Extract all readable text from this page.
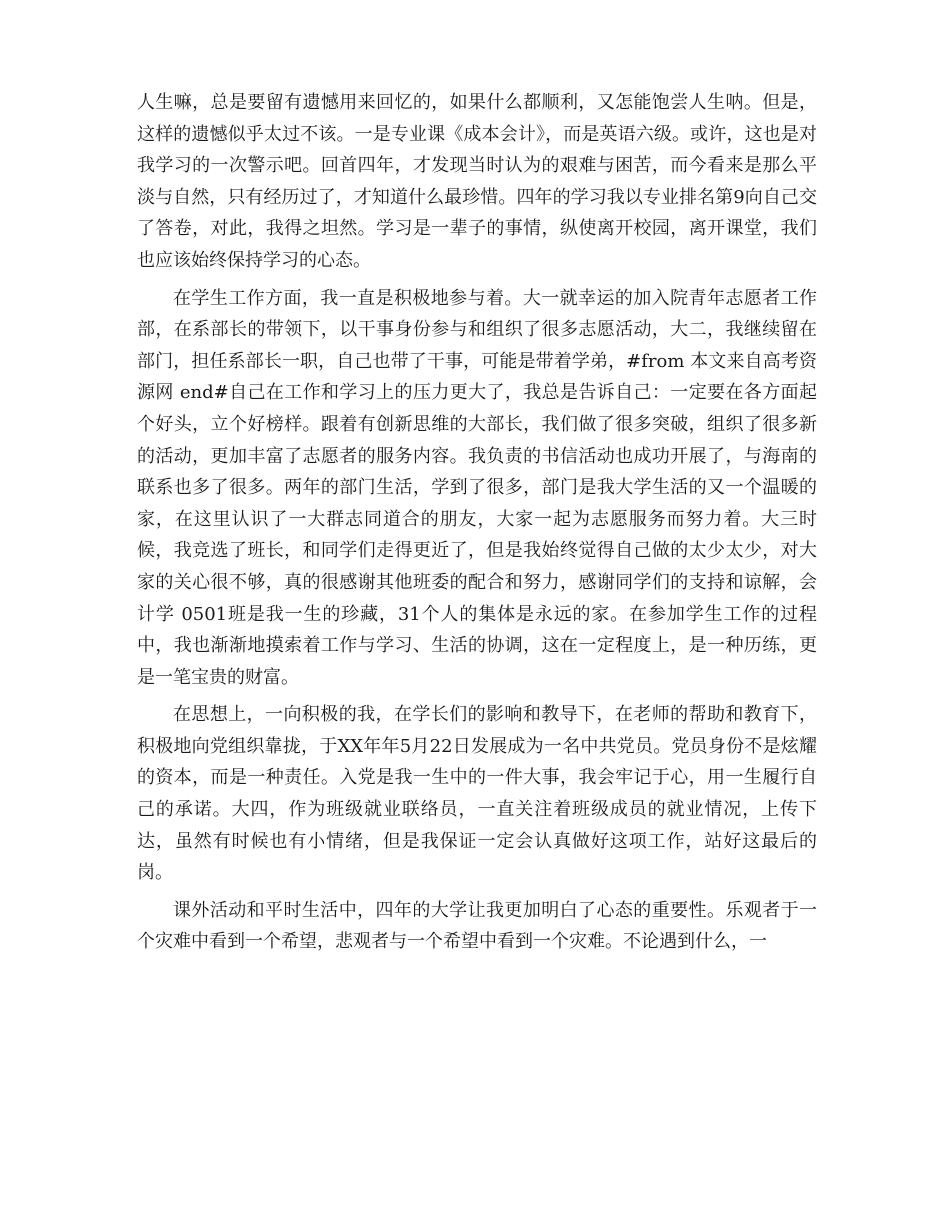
人生嘛，总是要留有遗憾用来回忆的，如果什么都顺利，又怎能饱尝人生呐。但是，这样的遗憾似乎太过不该。一是专业课《成本会计》，而是英语六级。或许，这也是对我学习的一次警示吧。回首四年，才发现当时认为的艰难与困苦，而今看来是那么平淡与自然，只有经历过了，才知道什么最珍惜。四年的学习我以专业排名第9向自己交了答卷，对此，我得之坦然。学习是一辈子的事情，纵使离开校园，离开课堂，我们也应该始终保持学习的心态。

在学生工作方面，我一直是积极地参与着。大一就幸运的加入院青年志愿者工作部，在系部长的带领下，以干事身份参与和组织了很多志愿活动，大二，我继续留在部门，担任系部长一职，自己也带了干事，可能是带着学弟，#from 本文来自高考资源网 end#自己在工作和学习上的压力更大了，我总是告诉自己：一定要在各方面起个好头，立个好榜样。跟着有创新思维的大部长，我们做了很多突破，组织了很多新的活动，更加丰富了志愿者的服务内容。我负责的书信活动也成功开展了，与海南的联系也多了很多。两年的部门生活，学到了很多，部门是我大学生活的又一个温暖的家，在这里认识了一大群志同道合的朋友，大家一起为志愿服务而努力着。大三时候，我竞选了班长，和同学们走得更近了，但是我始终觉得自己做的太少太少，对大家的关心很不够，真的很感谢其他班委的配合和努力，感谢同学们的支持和谅解，会计学 0501班是我一生的珍藏，31个人的集体是永远的家。在参加学生工作的过程中，我也渐渐地摸索着工作与学习、生活的协调，这在一定程度上，是一种历练，更是一笔宝贵的财富。

在思想上，一向积极的我，在学长们的影响和教导下，在老师的帮助和教育下，积极地向党组织靠拢，于XX年年5月22日发展成为一名中共党员。党员身份不是炫耀的资本，而是一种责任。入党是我一生中的一件大事，我会牢记于心，用一生履行自己的承诺。大四，作为班级就业联络员，一直关注着班级成员的就业情况，上传下达，虽然有时候也有小情绪，但是我保证一定会认真做好这项工作，站好这最后的岗。

课外活动和平时生活中，四年的大学让我更加明白了心态的重要性。乐观者于一个灾难中看到一个希望，悲观者与一个希望中看到一个灾难。不论遇到什么，一
